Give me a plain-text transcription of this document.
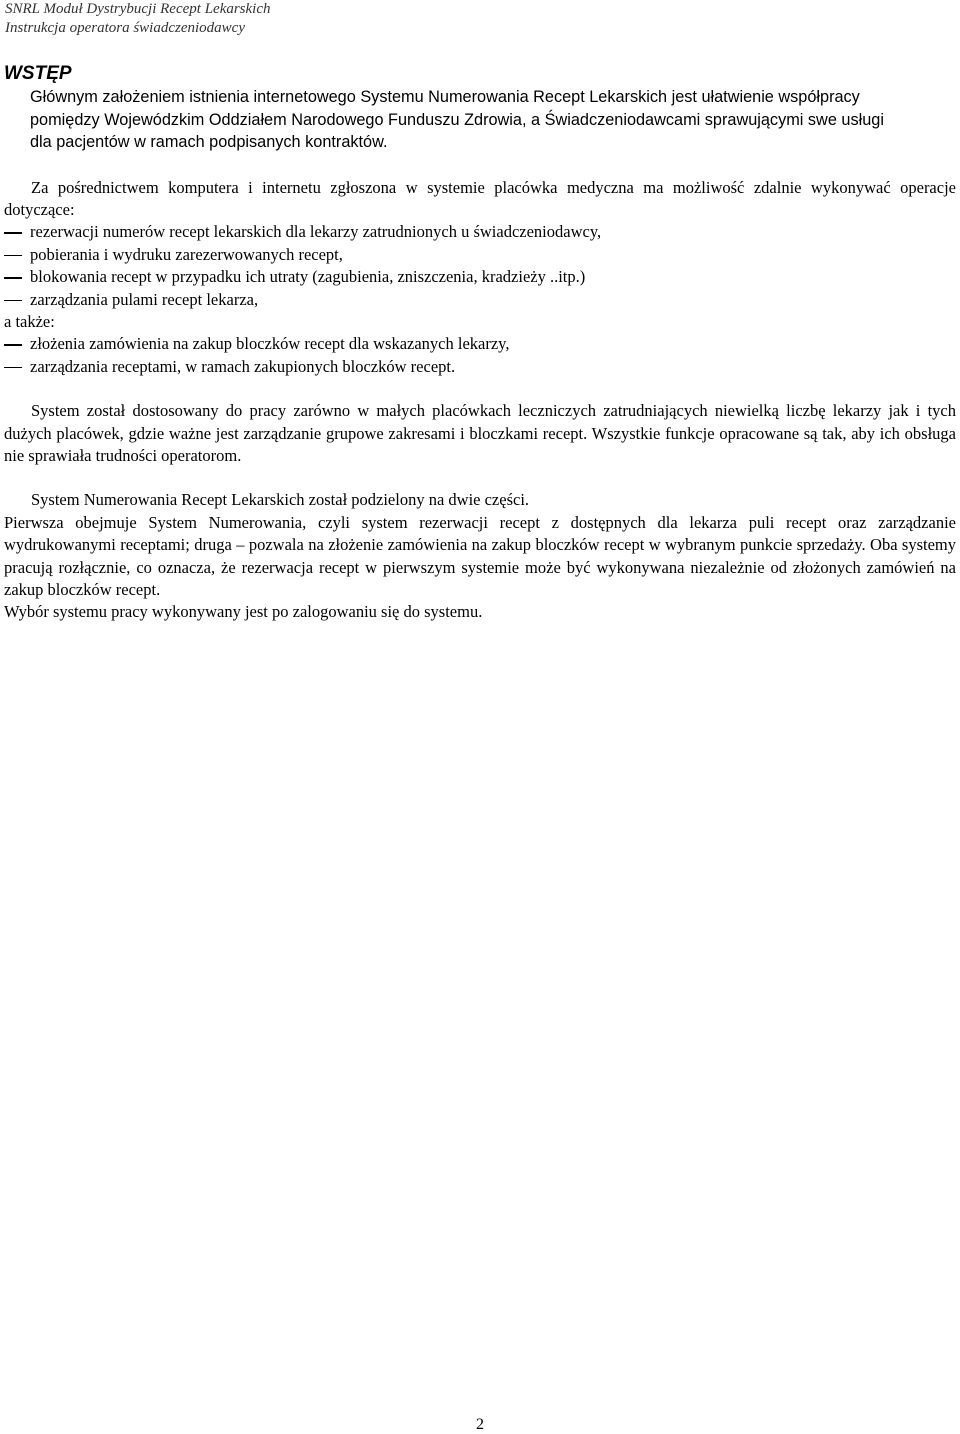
SNRL Moduł Dystrybucji Recept Lekarskich
Instrukcja operatora świadczeniodawcy
WSTĘP
Głównym założeniem istnienia internetowego Systemu Numerowania Recept Lekarskich jest ułatwienie współpracy
pomiędzy Wojewódzkim Oddziałem Narodowego Funduszu Zdrowia, a Świadczeniodawcami sprawującymi swe usługi
dla pacjentów w ramach podpisanych kontraktów.

Za pośrednictwem komputera i internetu zgłoszona w systemie placówka medyczna ma możliwość zdalnie wykonywać operacje dotyczące:

rezerwacji numerów recept lekarskich dla lekarzy zatrudnionych u świadczeniodawcy,
pobierania i wydruku zarezerwowanych recept,
blokowania recept w przypadku ich utraty (zagubienia, zniszczenia, kradzieży ..itp.)
zarządzania pulami recept lekarza,

a także:

złożenia zamówienia na zakup bloczków recept dla wskazanych lekarzy,
zarządzania receptami, w ramach zakupionych bloczków recept.

System został dostosowany do pracy zarówno w małych placówkach leczniczych zatrudniających niewielką liczbę lekarzy jak i tych dużych placówek, gdzie ważne jest zarządzanie grupowe zakresami i bloczkami recept. Wszystkie funkcje opracowane są tak, aby ich obsługa nie sprawiała trudności operatorom.

System Numerowania Recept Lekarskich został podzielony na dwie części.

Pierwsza obejmuje System Numerowania, czyli system rezerwacji recept z dostępnych dla lekarza puli recept oraz zarządzanie wydrukowanymi receptami; druga – pozwala na złożenie zamówienia na zakup bloczków recept w wybranym punkcie sprzedaży. Oba systemy pracują rozłącznie, co oznacza, że rezerwacja recept w pierwszym systemie może być wykonywana niezależnie od złożonych zamówień na zakup bloczków recept.

Wybór systemu pracy wykonywany jest po zalogowaniu się do systemu.

2
